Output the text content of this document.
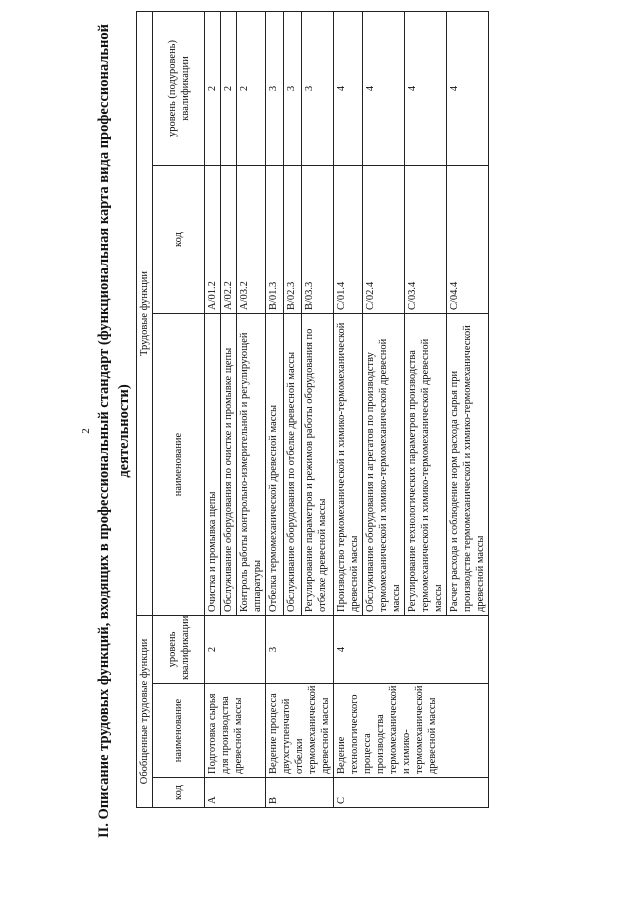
2 II. Описание трудовых функций, входящих в профессиональный стандарт (функциональная карта вида профессиональной деятельности)
Обобщенные трудовые функции			Трудовые функции		
код	наименование	уровень квалификации	наименование	код	уровень (подуровень) квалификации
A	Подготовка сырья для производства древесной массы	2	Очистка и промывка щепы	A/01.2	2
			Обслуживание оборудования по очистке и промывке щепы	A/02.2	2
			Контроль работы контрольно-измерительной и регулирующей аппаратуры	A/03.2	2
B	Ведение процесса двухступенчатой отбелки термомеханической древесной массы	3	Отбелка термомеханической древесной массы	B/01.3	3
			Обслуживание оборудования по отбелке древесной массы	B/02.3	3
			Регулирование параметров и режимов работы оборудования по отбелке древесной массы	B/03.3	3
C	Ведение технологического процесса производства термомеханической и химико-термомеханической древесной массы	4	Производство термомеханической и химико-термомеханической древесной массы	C/01.4	4
			Обслуживание оборудования и агрегатов по производству термомеханической и химико-термомеханической древесной массы	C/02.4	4
			Регулирование технологических параметров производства термомеханической и химико-термомеханической древесной массы	C/03.4	4
			Расчет расхода и соблюдение норм расхода сырья при производстве термомеханической и химико-термомеханической древесной массы	C/04.4	4
